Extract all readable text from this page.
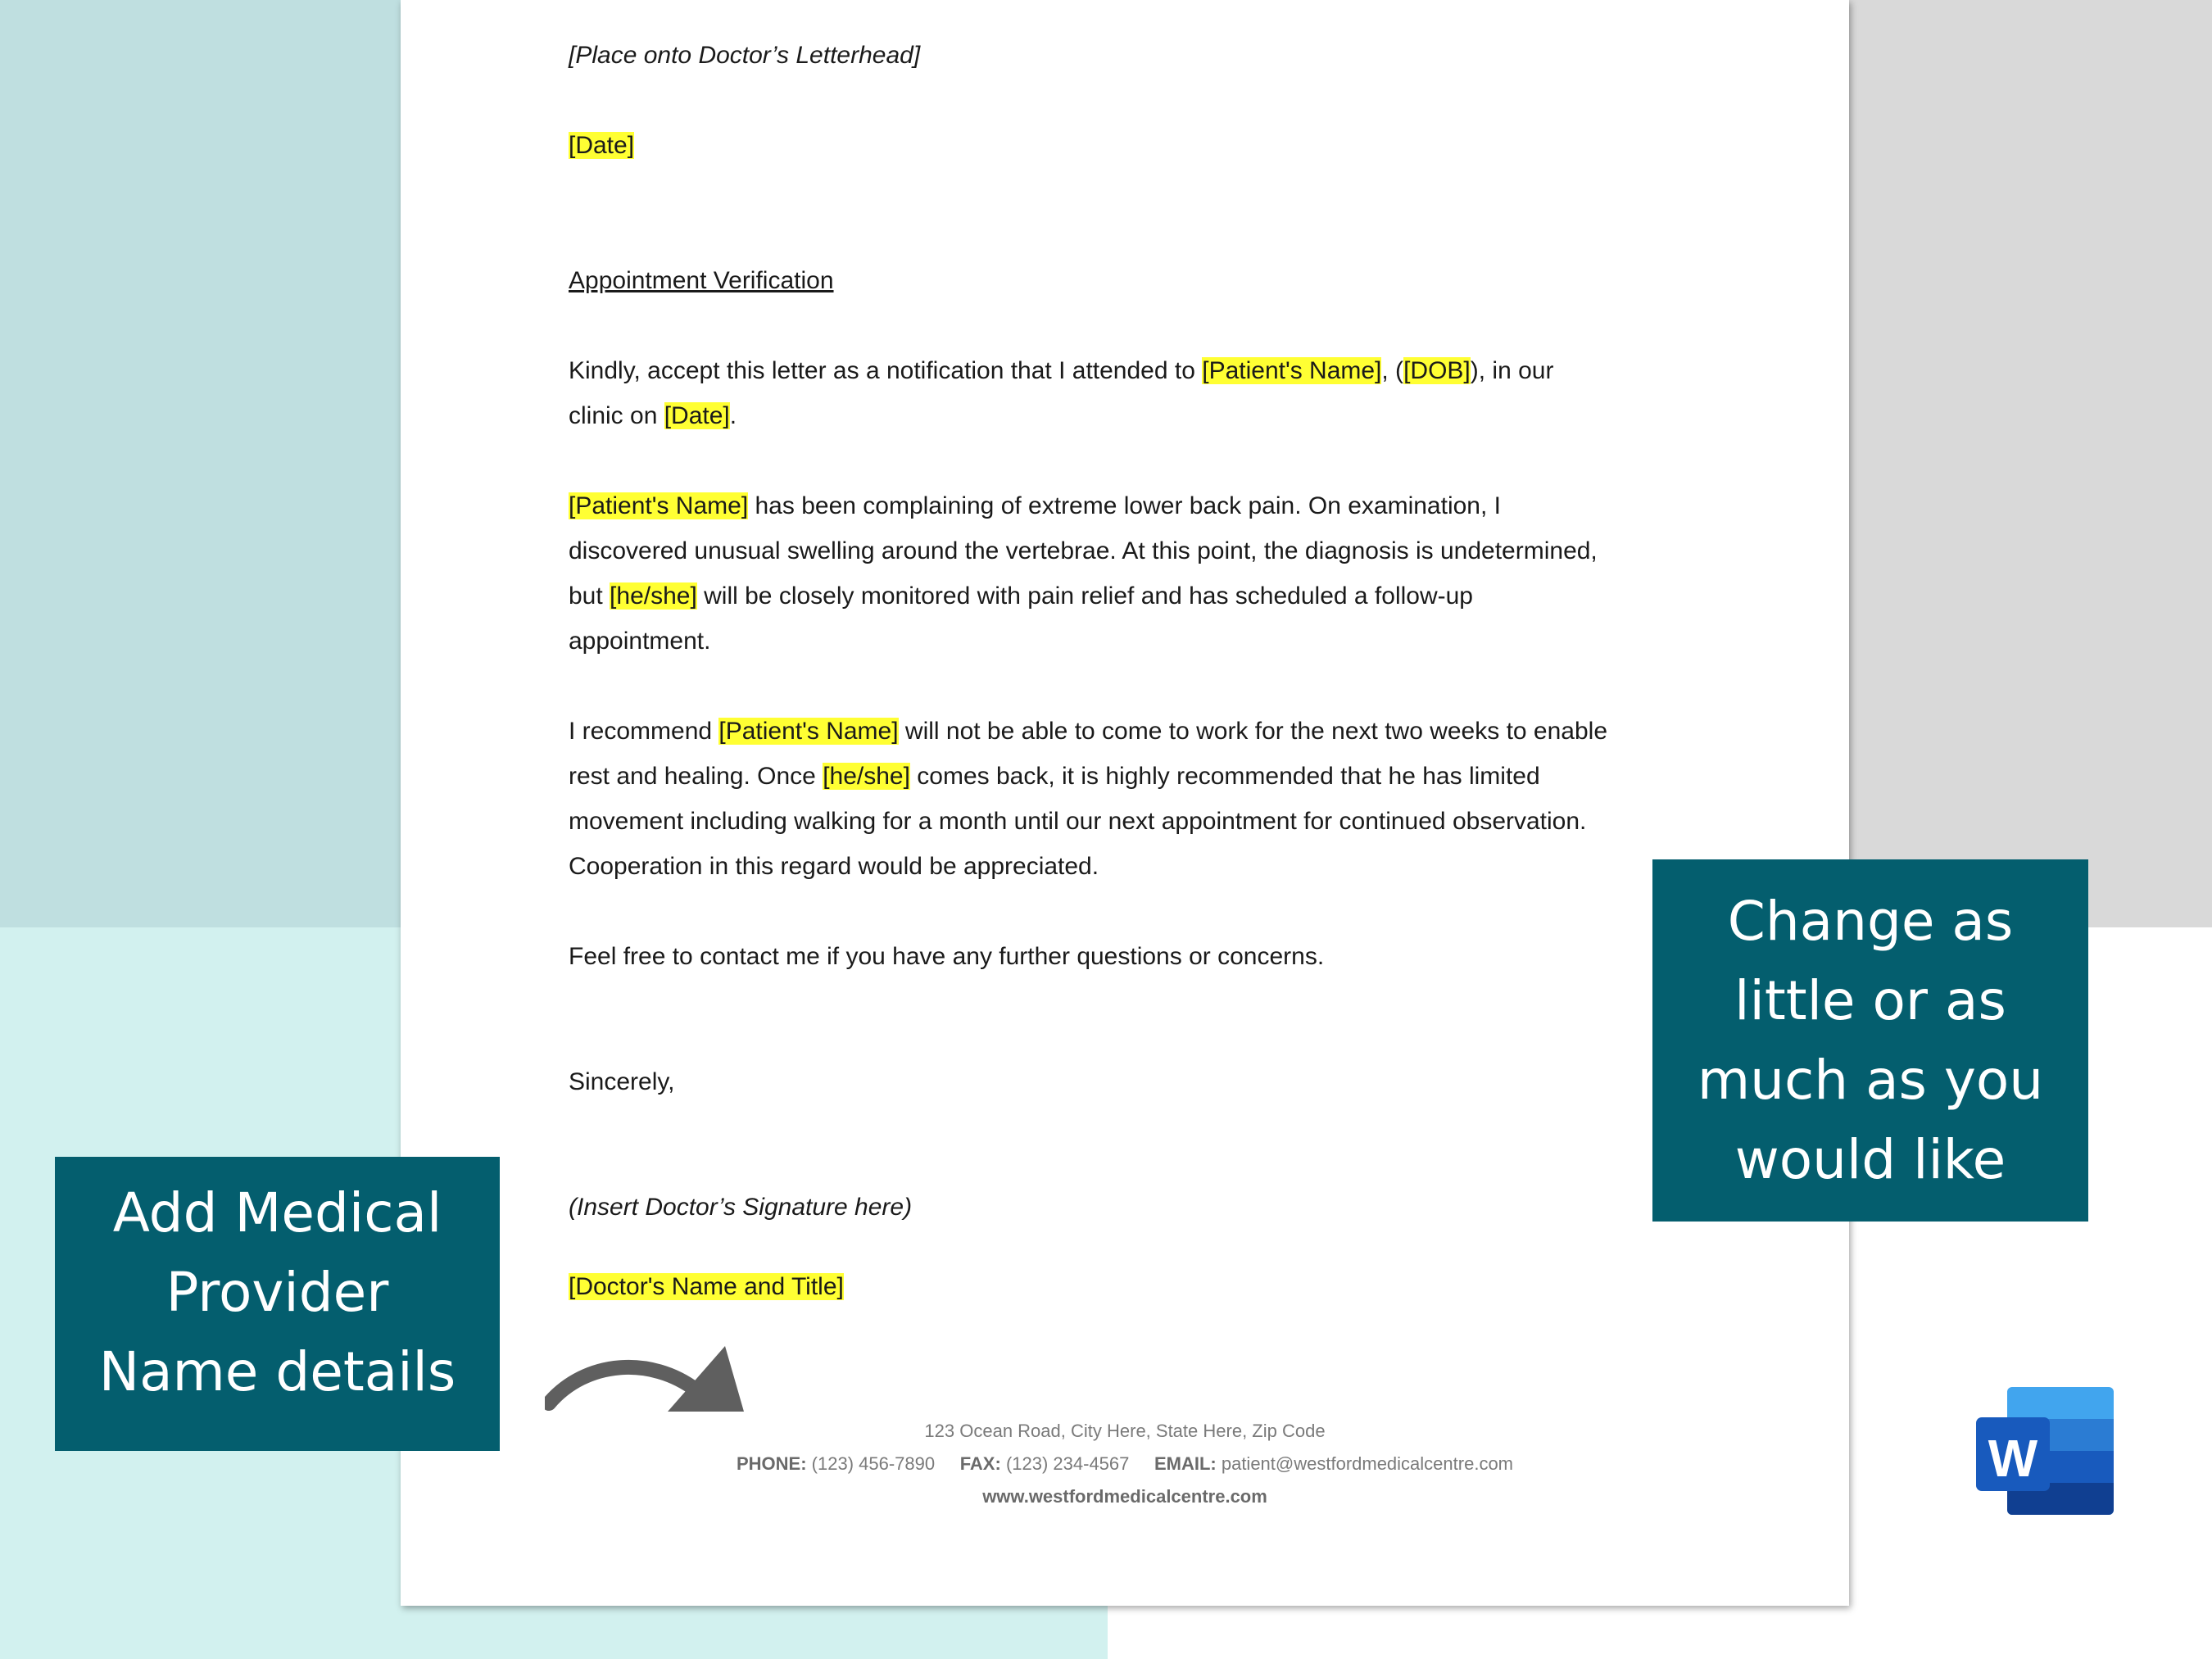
[Place onto Doctor’s Letterhead]

[Date]

Appointment Verification

Kindly, accept this letter as a notification that I attended to [Patient's Name], ([DOB]), in our
clinic on [Date].

[Patient's Name] has been complaining of extreme lower back pain. On examination, I
discovered unusual swelling around the vertebrae. At this point, the diagnosis is undetermined,
but [he/she] will be closely monitored with pain relief and has scheduled a follow-up
appointment.

I recommend [Patient's Name] will not be able to come to work for the next two weeks to enable
rest and healing. Once [he/she] comes back, it is highly recommended that he has limited
movement including walking for a month until our next appointment for continued observation.
Cooperation in this regard would be appreciated.

Feel free to contact me if you have any further questions or concerns.

Sincerely,

(Insert Doctor’s Signature here)

[Doctor's Name and Title]

123 Ocean Road, City Here, State Here, Zip Code
PHONE: (123) 456-7890 FAX: (123) 234-4567 EMAIL: patient@westfordmedicalcentre.com
www.westfordmedicalcentre.com
Change as
little or as
much as you
would like
Add Medical
Provider
Name details
W
